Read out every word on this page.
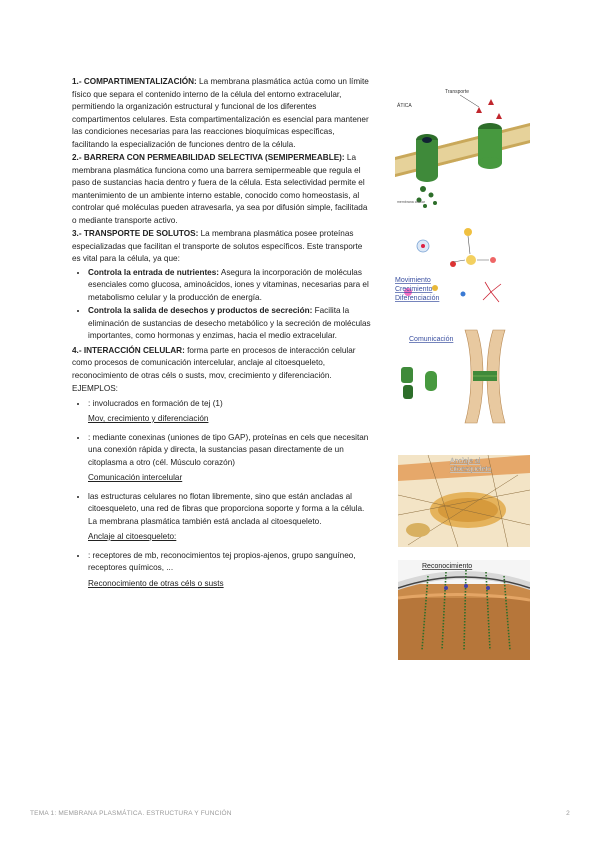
1.- COMPARTIMENTALIZACIÓN: La membrana plasmática actúa como un límite físico que separa el contenido interno de la célula del entorno extracelular, permitiendo la organización estructural y funcional de los diferentes compartimentos celulares. Esta compartimentalización es esencial para mantener las condiciones necesarias para las reacciones bioquímicas específicas, facilitando la especialización de funciones dentro de la célula.

2.- BARRERA CON PERMEABILIDAD SELECTIVA (SEMIPERMEABLE): La membrana plasmática funciona como una barrera semipermeable que regula el paso de sustancias hacia dentro y fuera de la célula. Esta selectividad permite el mantenimiento de un ambiente interno estable, conocido como homeostasis, al controlar qué moléculas pueden atravesarla, ya sea por difusión simple, facilitada o mediante transporte activo.

3.- TRANSPORTE DE SOLUTOS: La membrana plasmática posee proteínas especializadas que facilitan el transporte de solutos específicos. Este transporte es vital para la célula, ya que:

• Controla la entrada de nutrientes: Asegura la incorporación de moléculas esenciales como glucosa, aminoácidos, iones y vitaminas, necesarias para el metabolismo celular y la producción de energía.
• Controla la salida de desechos y productos de secreción: Facilita la eliminación de sustancias de desecho metabólico y la secreción de moléculas importantes, como hormonas y enzimas, hacia el medio extracelular.

4.- INTERACCIÓN CELULAR: forma parte en procesos de interacción celular como procesos de comunicación intercelular, anclaje al citoesqueleto, reconocimiento de otras céls o susts, mov, crecimiento y diferenciación.

EJEMPLOS:

• : involucrados en formación de tej (1)
Mov, crecimiento y diferenciación
• : mediante conexinas (uniones de tipo GAP), proteínas en cels que necesitan una conexión rápida y directa, la sustancias pasan directamente de un citoplasma a otro (cél. Músculo corazón)
Comunicación intercelular
• las estructuras celulares no flotan libremente, sino que están ancladas al citoesqueleto, una red de fibras que proporciona soporte y forma a la célula. La membrana plasmática también está anclada al citoesqueleto.
Anclaje al citoesqueleto:
• : receptores de mb, reconocimientos tej propios-ajenos, grupo sanguíneo, receptores químicos, ...
Reconocimiento de otras céls o susts
ÁTICA
Transporte
membrana celular
Movimiento
Crecimiento
Diferenciación
Comunicación
Anclaje al
citoesqueleto
Reconocimiento
TEMA 1: MEMBRANA PLASMÁTICA. ESTRUCTURA Y FUNCIÓN	2
